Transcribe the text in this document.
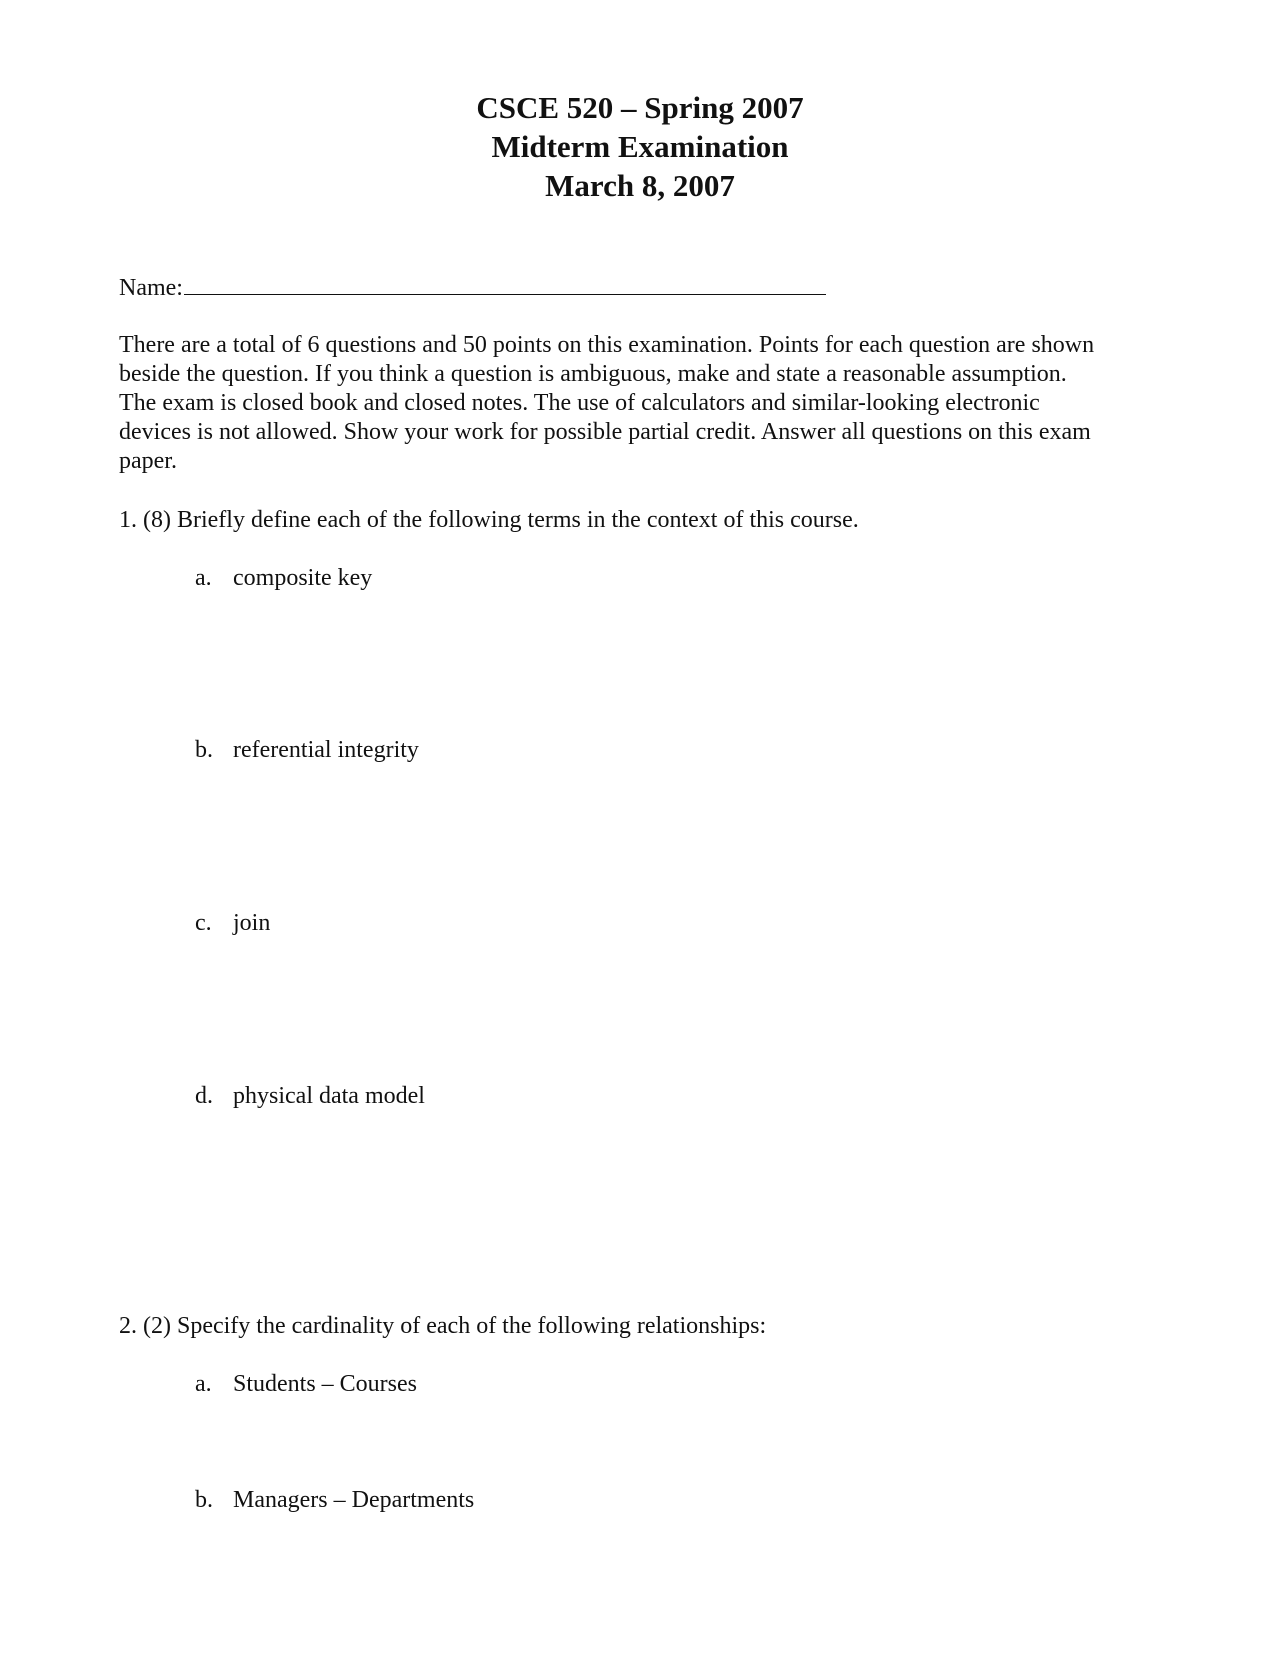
CSCE 520 – Spring 2007
Midterm Examination
March 8, 2007
Name:
There are a total of 6 questions and 50 points on this examination. Points for each question are shown
beside the question. If you think a question is ambiguous, make and state a reasonable assumption.
The exam is closed book and closed notes. The use of calculators and similar-looking electronic
devices is not allowed. Show your work for possible partial credit. Answer all questions on this exam
paper.
1. (8) Briefly define each of the following terms in the context of this course.
a. composite key
b. referential integrity
c. join
d. physical data model
2. (2) Specify the cardinality of each of the following relationships:
a. Students – Courses
b. Managers – Departments
